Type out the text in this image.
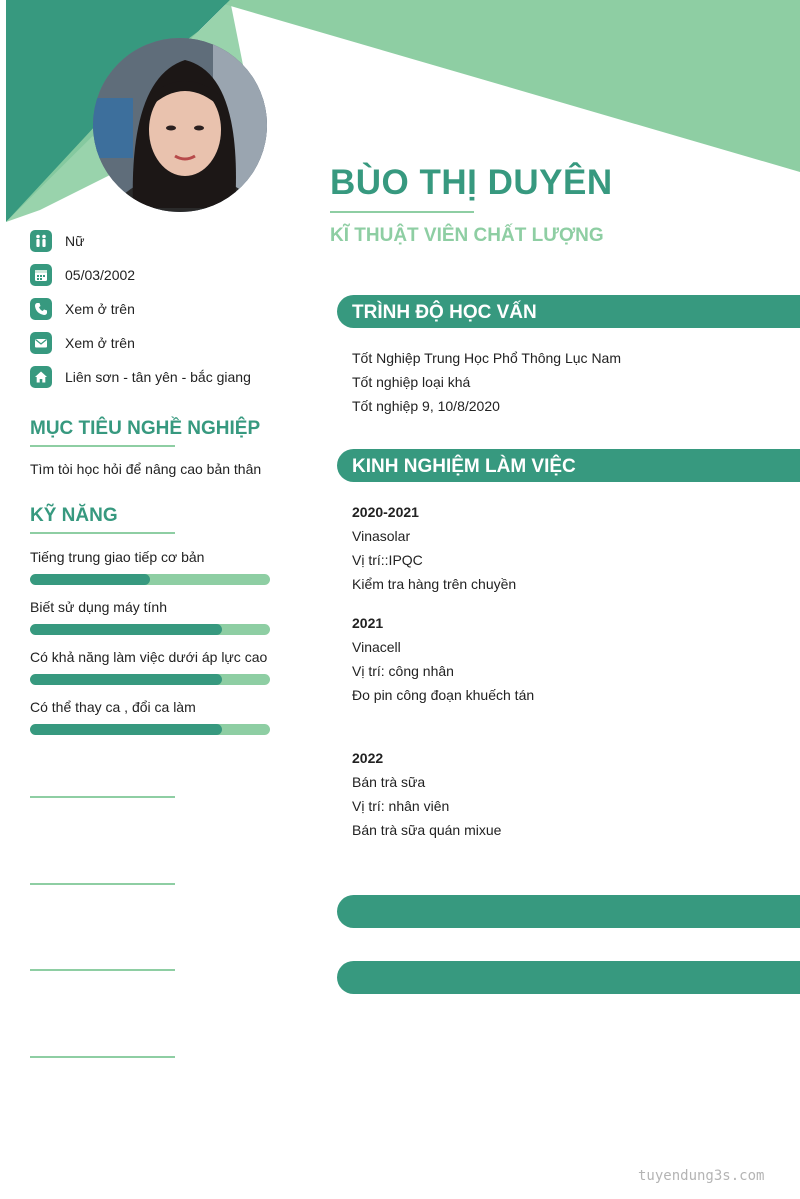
BÙO THỊ DUYÊN
KĨ THUẬT VIÊN CHẤT LƯỢNG
Nữ
05/03/2002
Xem ở trên
Xem ở trên
Liên sơn - tân yên - bắc giang
MỤC TIÊU NGHỀ NGHIỆP
Tìm tòi học hỏi để nâng cao bản thân
KỸ NĂNG
Tiếng trung giao tiếp cơ bản
Biết sử dụng máy tính
Có khả năng làm việc dưới áp lực cao
Có thể thay ca , đổi ca làm
TRÌNH ĐỘ HỌC VẤN
Tốt Nghiệp Trung Học Phổ Thông Lục Nam
Tốt nghiệp loại khá
Tốt nghiệp 9, 10/8/2020
KINH NGHIỆM LÀM VIỆC
2020-2021
Vinasolar
Vị trí::IPQC
Kiểm tra hàng trên chuyền
2021
Vinacell
Vị trí: công nhân
Đo pin công đoạn khuếch tán
2022
Bán trà sữa
Vị trí: nhân viên
Bán trà sữa quán mixue
tuyendung3s.com
